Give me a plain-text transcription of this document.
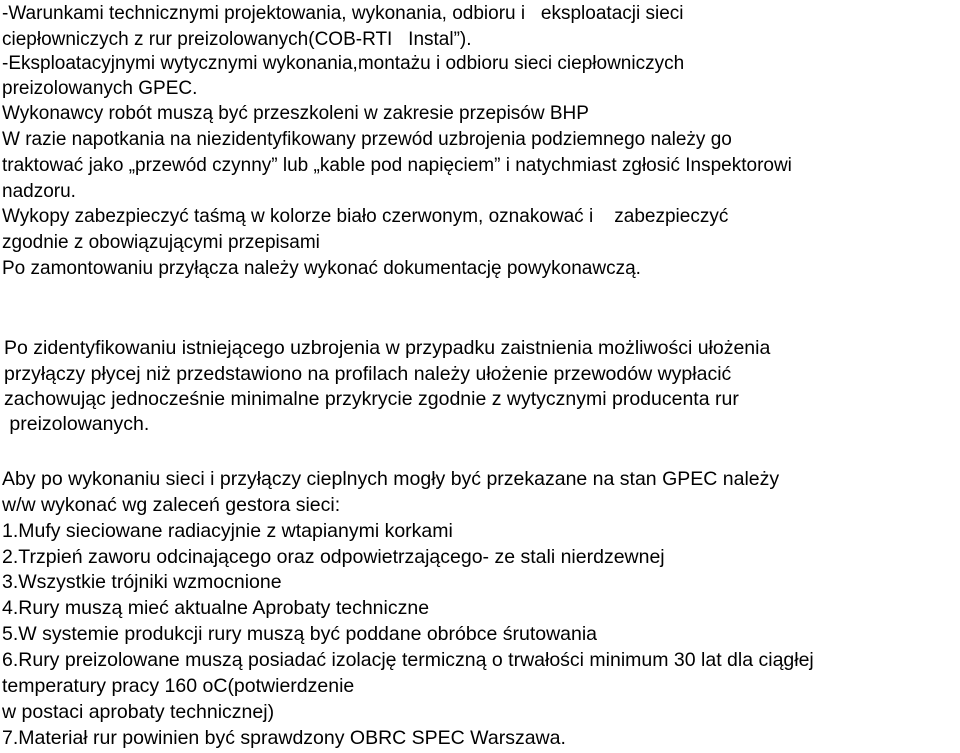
-Warunkami technicznymi projektowania, wykonania, odbioru i   eksploatacji sieci
ciepłowniczych z rur preizolowanych(COB-RTI   Instal”).
-Eksploatacyjnymi wytycznymi wykonania,montażu i odbioru sieci ciepłowniczych
preizolowanych GPEC.
Wykonawcy robót muszą być przeszkoleni w zakresie przepisów BHP
W razie napotkania na niezidentyfikowany przewód uzbrojenia podziemnego należy go
traktować jako „przewód czynny” lub „kable pod napięciem” i natychmiast zgłosić Inspektorowi
nadzoru.
Wykopy zabezpieczyć taśmą w kolorze biało czerwonym, oznakować i    zabezpieczyć
zgodnie z obowiązującymi przepisami
Po zamontowaniu przyłącza należy wykonać dokumentację powykonawczą.
Po zidentyfikowaniu istniejącego uzbrojenia w przypadku zaistnienia możliwości ułożenia
przyłączy płycej niż przedstawiono na profilach należy ułożenie przewodów wypłacić
zachowując jednocześnie minimalne przykrycie zgodnie z wytycznymi producenta rur
preizolowanych.
Aby po wykonaniu sieci i przyłączy cieplnych mogły być przekazane na stan GPEC należy
w/w wykonać wg zaleceń gestora sieci:
1.Mufy sieciowane radiacyjnie z wtapianymi korkami
2.Trzpień zaworu odcinającego oraz odpowietrzającego- ze stali nierdzewnej
3.Wszystkie trójniki wzmocnione
4.Rury muszą mieć aktualne Aprobaty techniczne
5.W systemie produkcji rury muszą być poddane obróbce śrutowania
6.Rury preizolowane muszą posiadać izolację termiczną o trwałości minimum 30 lat dla ciągłej
temperatury pracy 160 oC(potwierdzenie
w postaci aprobaty technicznej)
7.Materiał rur powinien być sprawdzony OBRC SPEC Warszawa.
